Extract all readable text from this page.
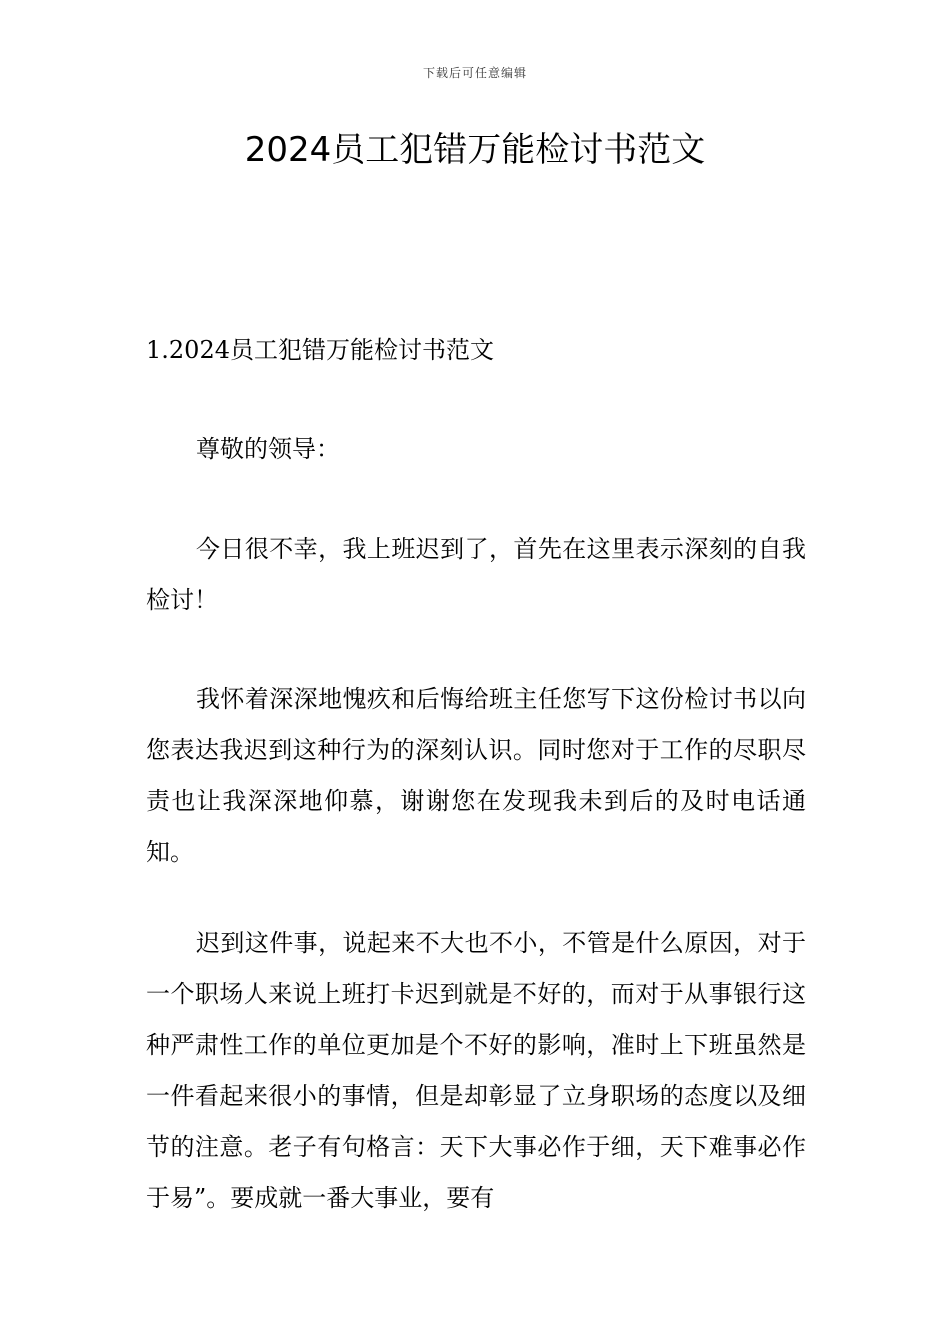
下载后可任意编辑
2024员工犯错万能检讨书范文
1.2024员工犯错万能检讨书范文

尊敬的领导：

今日很不幸，我上班迟到了，首先在这里表示深刻的自我检讨！

我怀着深深地愧疚和后悔给班主任您写下这份检讨书以向您表达我迟到这种行为的深刻认识。同时您对于工作的尽职尽责也让我深深地仰慕，谢谢您在发现我未到后的及时电话通知。

迟到这件事，说起来不大也不小，不管是什么原因，对于一个职场人来说上班打卡迟到就是不好的，而对于从事银行这种严肃性工作的单位更加是个不好的影响，准时上下班虽然是一件看起来很小的事情，但是却彰显了立身职场的态度以及细节的注意。老子有句格言：天下大事必作于细，天下难事必作于易”。要成就一番大事业，要有
